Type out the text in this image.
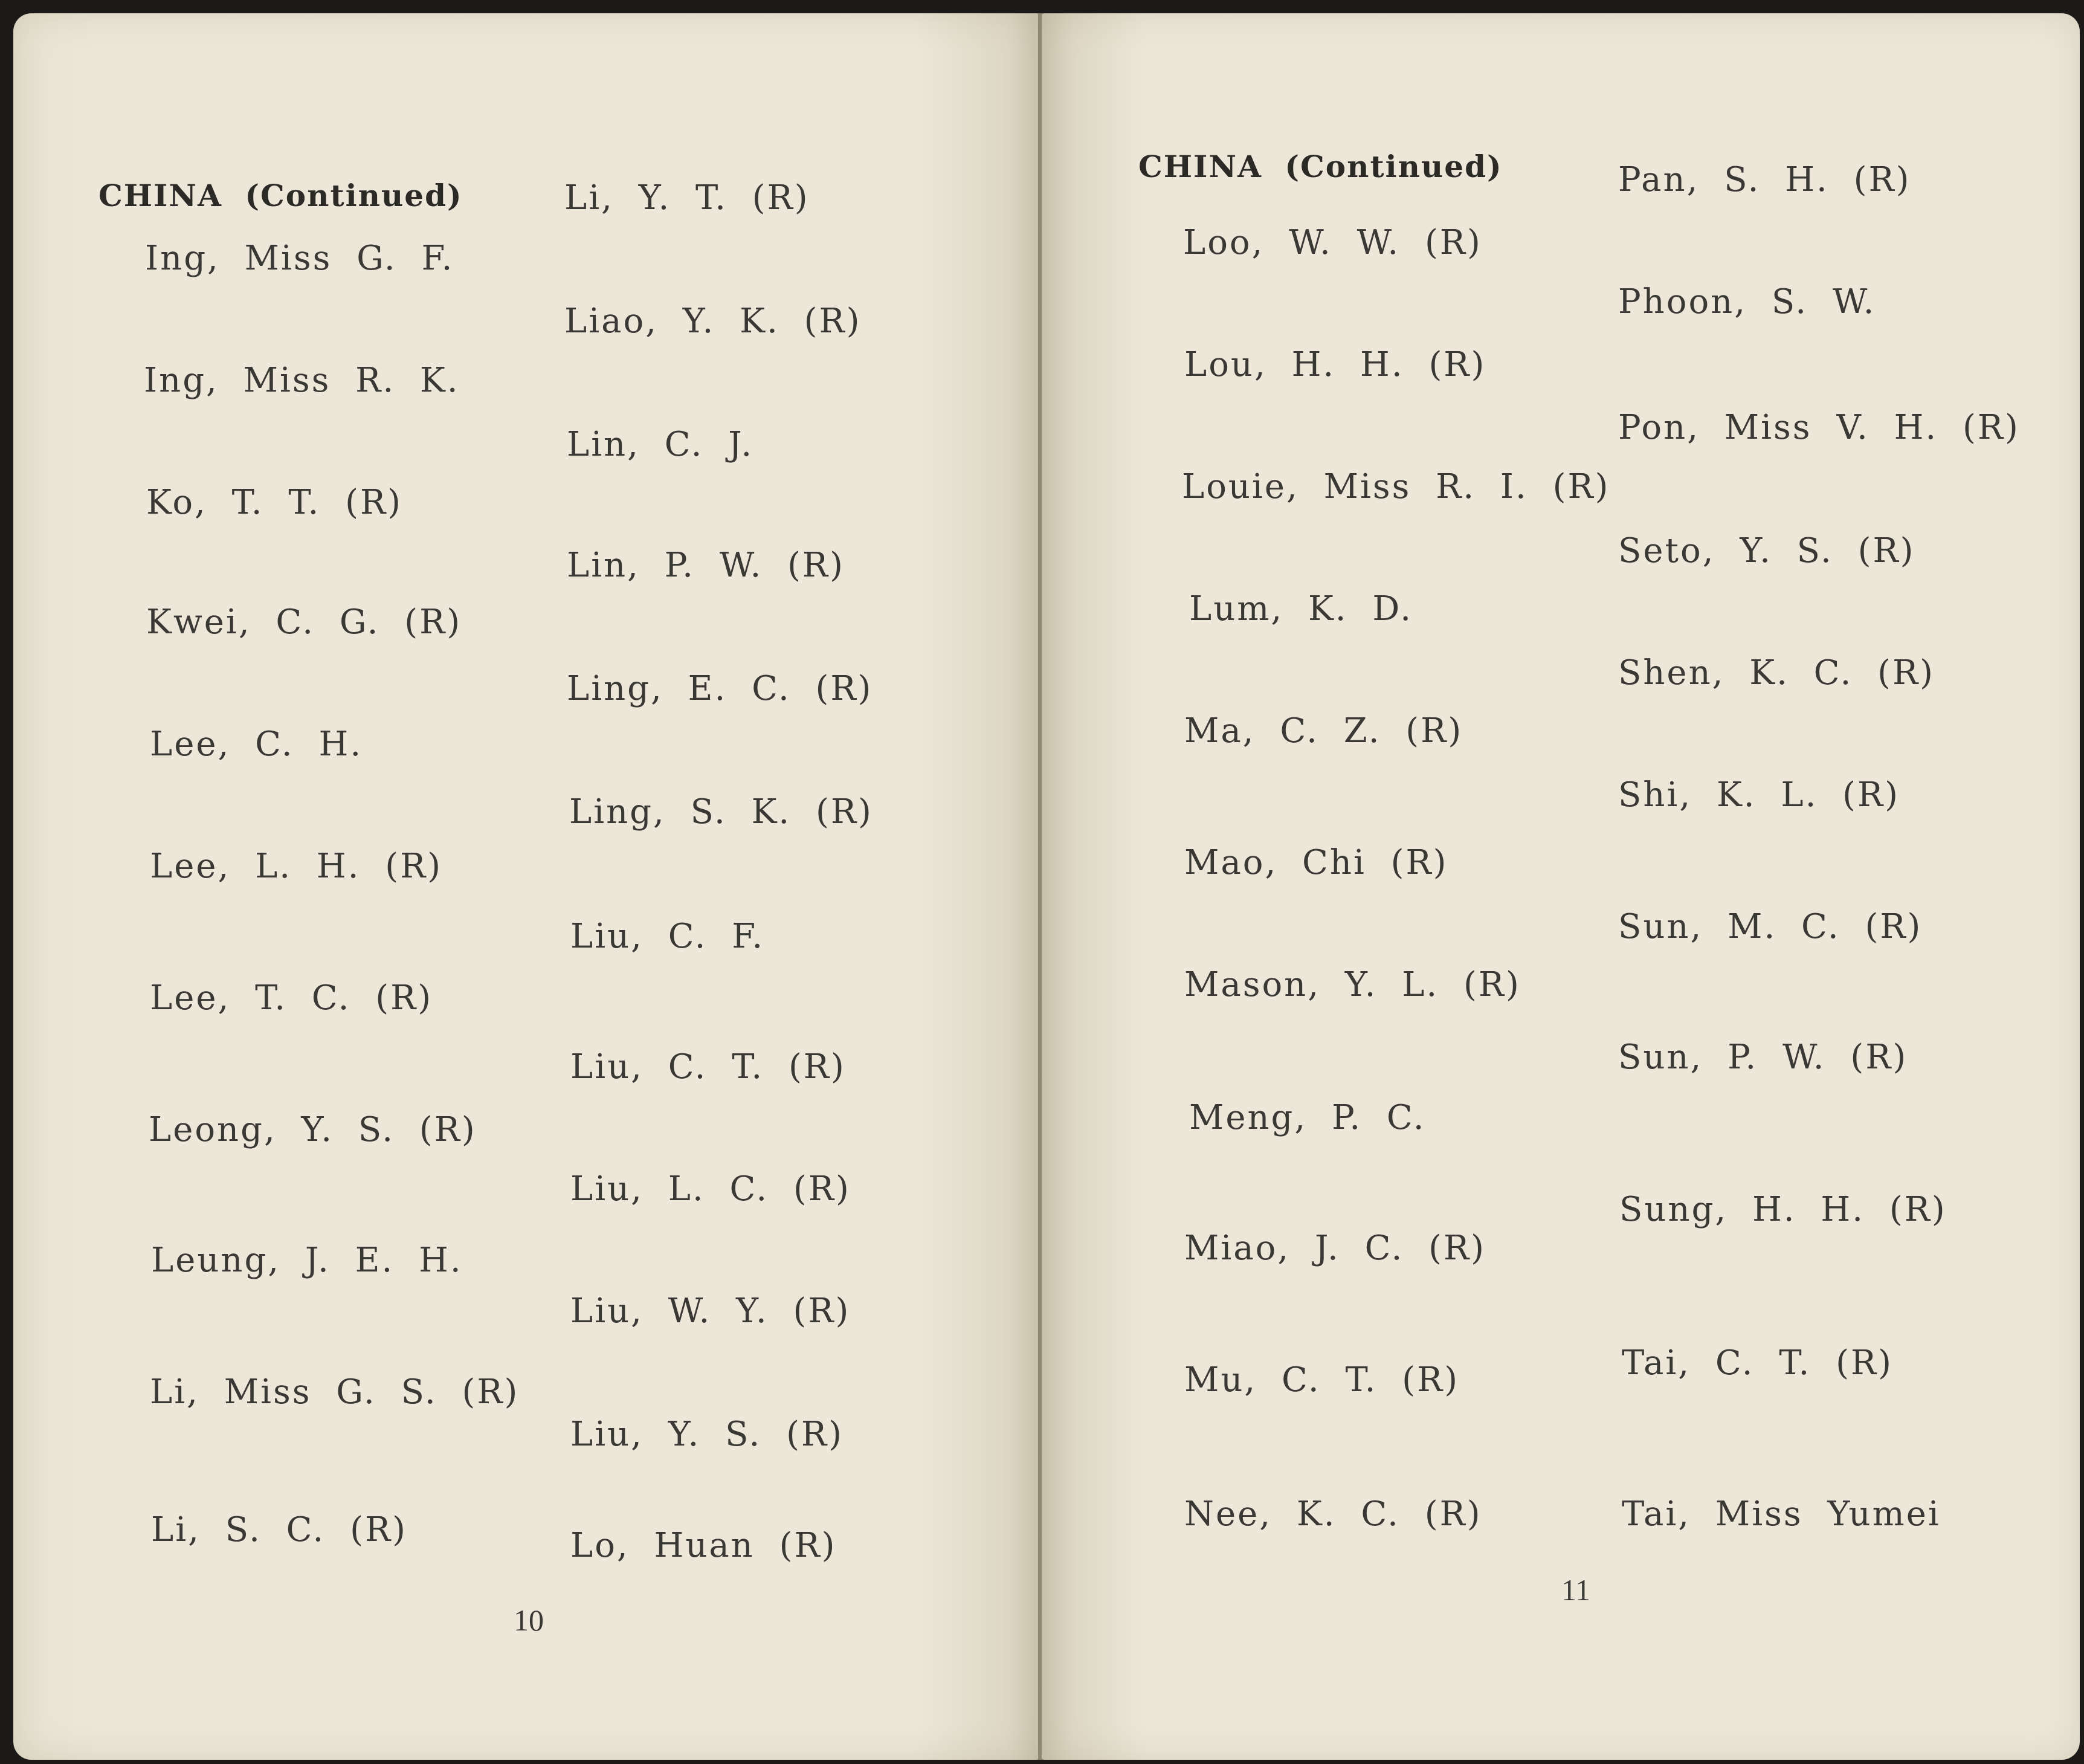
CHINA (Continued)

Ing, Miss G. F.

Ing, Miss R. K.

Ko, T. T. (R)

Kwei, C. G. (R)

Lee, C. H.

Lee, L. H. (R)

Lee, T. C. (R)

Leong, Y. S. (R)

Leung, J. E. H.

Li, Miss G. S. (R)

Li, S. C. (R)

Li, Y. T. (R)

Liao, Y. K. (R)

Lin, C. J.

Lin, P. W. (R)

Ling, E. C. (R)

Ling, S. K. (R)

Liu, C. F.

Liu, C. T. (R)

Liu, L. C. (R)

Liu, W. Y. (R)

Liu, Y. S. (R)

Lo, Huan (R)

10

CHINA (Continued)

Loo, W. W. (R)

Lou, H. H. (R)

Louie, Miss R. I. (R)

Lum, K. D.

Ma, C. Z. (R)

Mao, Chi (R)

Mason, Y. L. (R)

Meng, P. C.

Miao, J. C. (R)

Mu, C. T. (R)

Nee, K. C. (R)

Pan, S. H. (R)

Phoon, S. W.

Pon, Miss V. H. (R)

Seto, Y. S. (R)

Shen, K. C. (R)

Shi, K. L. (R)

Sun, M. C. (R)

Sun, P. W. (R)

Sung, H. H. (R)

Tai, C. T. (R)

Tai, Miss Yumei

11
